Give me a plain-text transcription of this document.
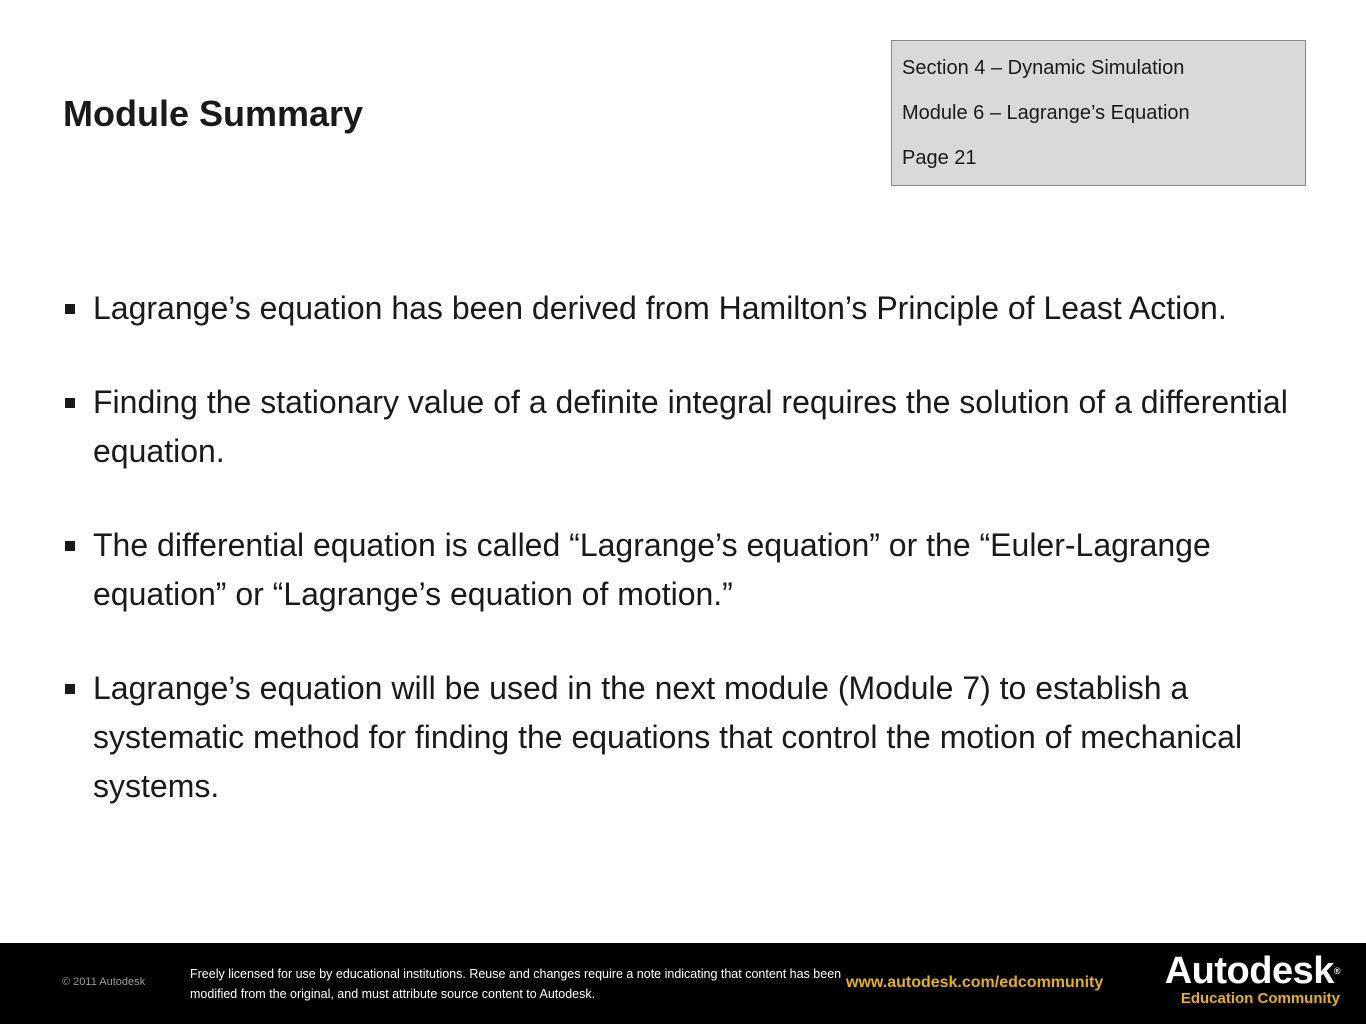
Module Summary
Section 4 – Dynamic Simulation
Module 6 – Lagrange’s Equation
Page 21
Lagrange’s equation has been derived from Hamilton’s Principle of Least Action.
Finding the stationary value of a definite integral requires the solution of a differential equation.
The differential equation is called “Lagrange’s equation” or the “Euler-Lagrange equation” or “Lagrange’s equation of motion.”
Lagrange’s equation will be used in the next module (Module 7) to establish a systematic method for finding the equations that control the motion of mechanical systems.
© 2011 Autodesk
Freely licensed for use by educational institutions. Reuse and changes require a note indicating that content has been modified from the original, and must attribute source content to Autodesk.
www.autodesk.com/edcommunity Autodesk®
Education Community
